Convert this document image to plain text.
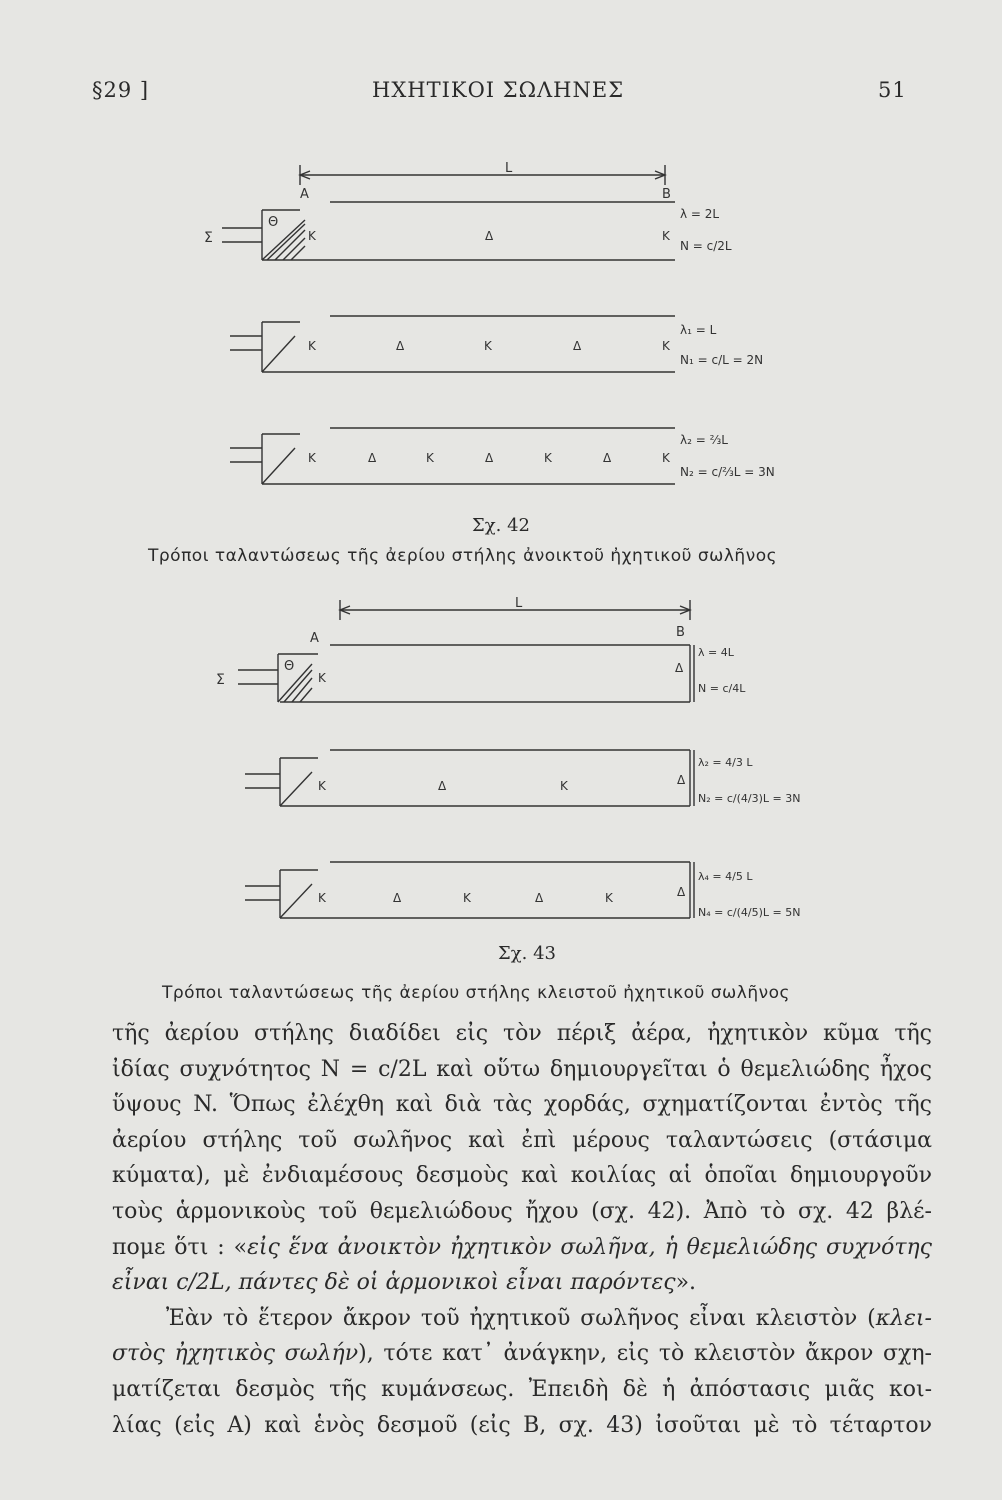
§29 ]	ΗΧΗΤΙΚΟΙ ΣΩΛΗΝΕΣ	51
L
Σ
A	B
Θ
K	Δ	K
λ = 2L
N = c/2L
K	Δ	K	Δ	K
λ₁ = L
N₁ = c/L = 2N
K	Δ	K	Δ	K	Δ	K
λ₂ = ⅔L
N₂ = c/⅔L = 3N
Σχ. 42
Τρόποι ταλαντώσεως τῆς ἀερίου στήλης ἀνοικτοῦ ἠχητικοῦ σωλῆνος
L
Σ
A	B
Θ
K
Δ
λ = 4L
N = c/4L
K	Δ	K	Δ
λ₂ = 4/3 L
N₂ = c/(4/3)L = 3N
K	Δ	K	Δ	K	Δ
λ₄ = 4/5 L
N₄ = c/(4/5)L = 5N
Σχ. 43
Τρόποι ταλαντώσεως τῆς ἀερίου στήλης κλειστοῦ ἠχητικοῦ σωλῆνος
τῆς ἀερίου στήλης διαδίδει εἰς τὸν πέριξ ἀέρα, ἠχητικὸν κῦμα τῆς
ἰδίας συχνότητος N = c/2L καὶ οὕτω δημιουργεῖται ὁ θεμελιώδης ἦχος
ὕψους N. Ὅπως ἐλέχθη καὶ διὰ τὰς χορδάς, σχηματίζονται ἐντὸς τῆς
ἀερίου στήλης τοῦ σωλῆνος καὶ ἐπὶ μέρους ταλαντώσεις (στάσιμα
κύματα), μὲ ἐνδιαμέσους δεσμοὺς καὶ κοιλίας αἱ ὁποῖαι δημιουργοῦν
τοὺς ἁρμονικοὺς τοῦ θεμελιώδους ἤχου (σχ. 42). Ἀπὸ τὸ σχ. 42 βλέ-
πομε ὅτι : «εἰς ἕνα ἀνοικτὸν ἠχητικὸν σωλῆνα, ἡ θεμελιώδης συχνότης
εἶναι c/2L, πάντες δὲ οἱ ἁρμονικοὶ εἶναι παρόντες».
Ἐὰν τὸ ἕτερον ἄκρον τοῦ ἠχητικοῦ σωλῆνος εἶναι κλειστὸν (κλει-
στὸς ἠχητικὸς σωλήν), τότε κατ᾽ ἀνάγκην, εἰς τὸ κλειστὸν ἄκρον σχη-
ματίζεται δεσμὸς τῆς κυμάνσεως. Ἐπειδὴ δὲ ἡ ἀπόστασις μιᾶς κοι-
λίας (εἰς A) καὶ ἑνὸς δεσμοῦ (εἰς B, σχ. 43) ἰσοῦται μὲ τὸ τέταρτον
